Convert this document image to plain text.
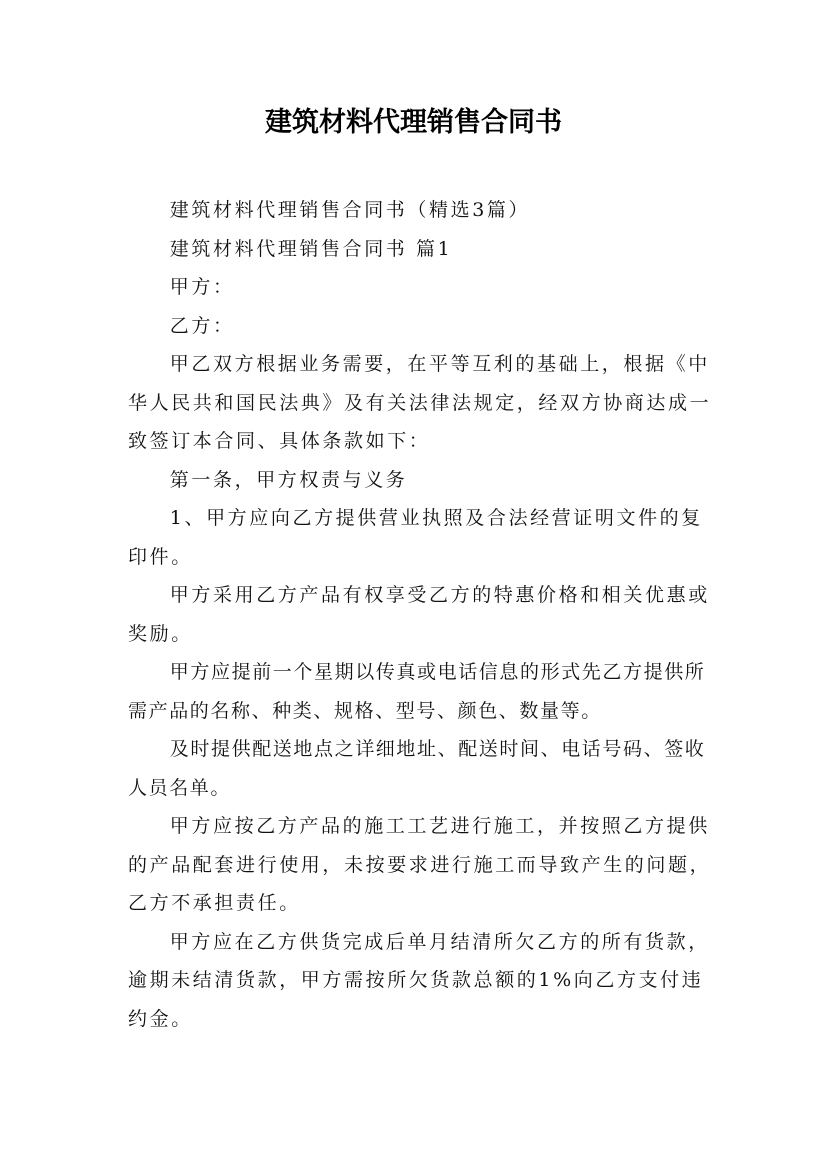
建筑材料代理销售合同书

建筑材料代理销售合同书（精选3篇）

建筑材料代理销售合同书 篇1

甲方：

乙方：

甲乙双方根据业务需要，在平等互利的基础上，根据《中华人民共和国民法典》及有关法律法规定，经双方协商达成一致签订本合同、具体条款如下：

第一条，甲方权责与义务

1、甲方应向乙方提供营业执照及合法经营证明文件的复印件。

甲方采用乙方产品有权享受乙方的特惠价格和相关优惠或奖励。

甲方应提前一个星期以传真或电话信息的形式先乙方提供所需产品的名称、种类、规格、型号、颜色、数量等。

及时提供配送地点之详细地址、配送时间、电话号码、签收人员名单。

甲方应按乙方产品的施工工艺进行施工，并按照乙方提供的产品配套进行使用，未按要求进行施工而导致产生的问题，乙方不承担责任。

甲方应在乙方供货完成后单月结清所欠乙方的所有货款，逾期未结清货款，甲方需按所欠货款总额的1%向乙方支付违约金。
